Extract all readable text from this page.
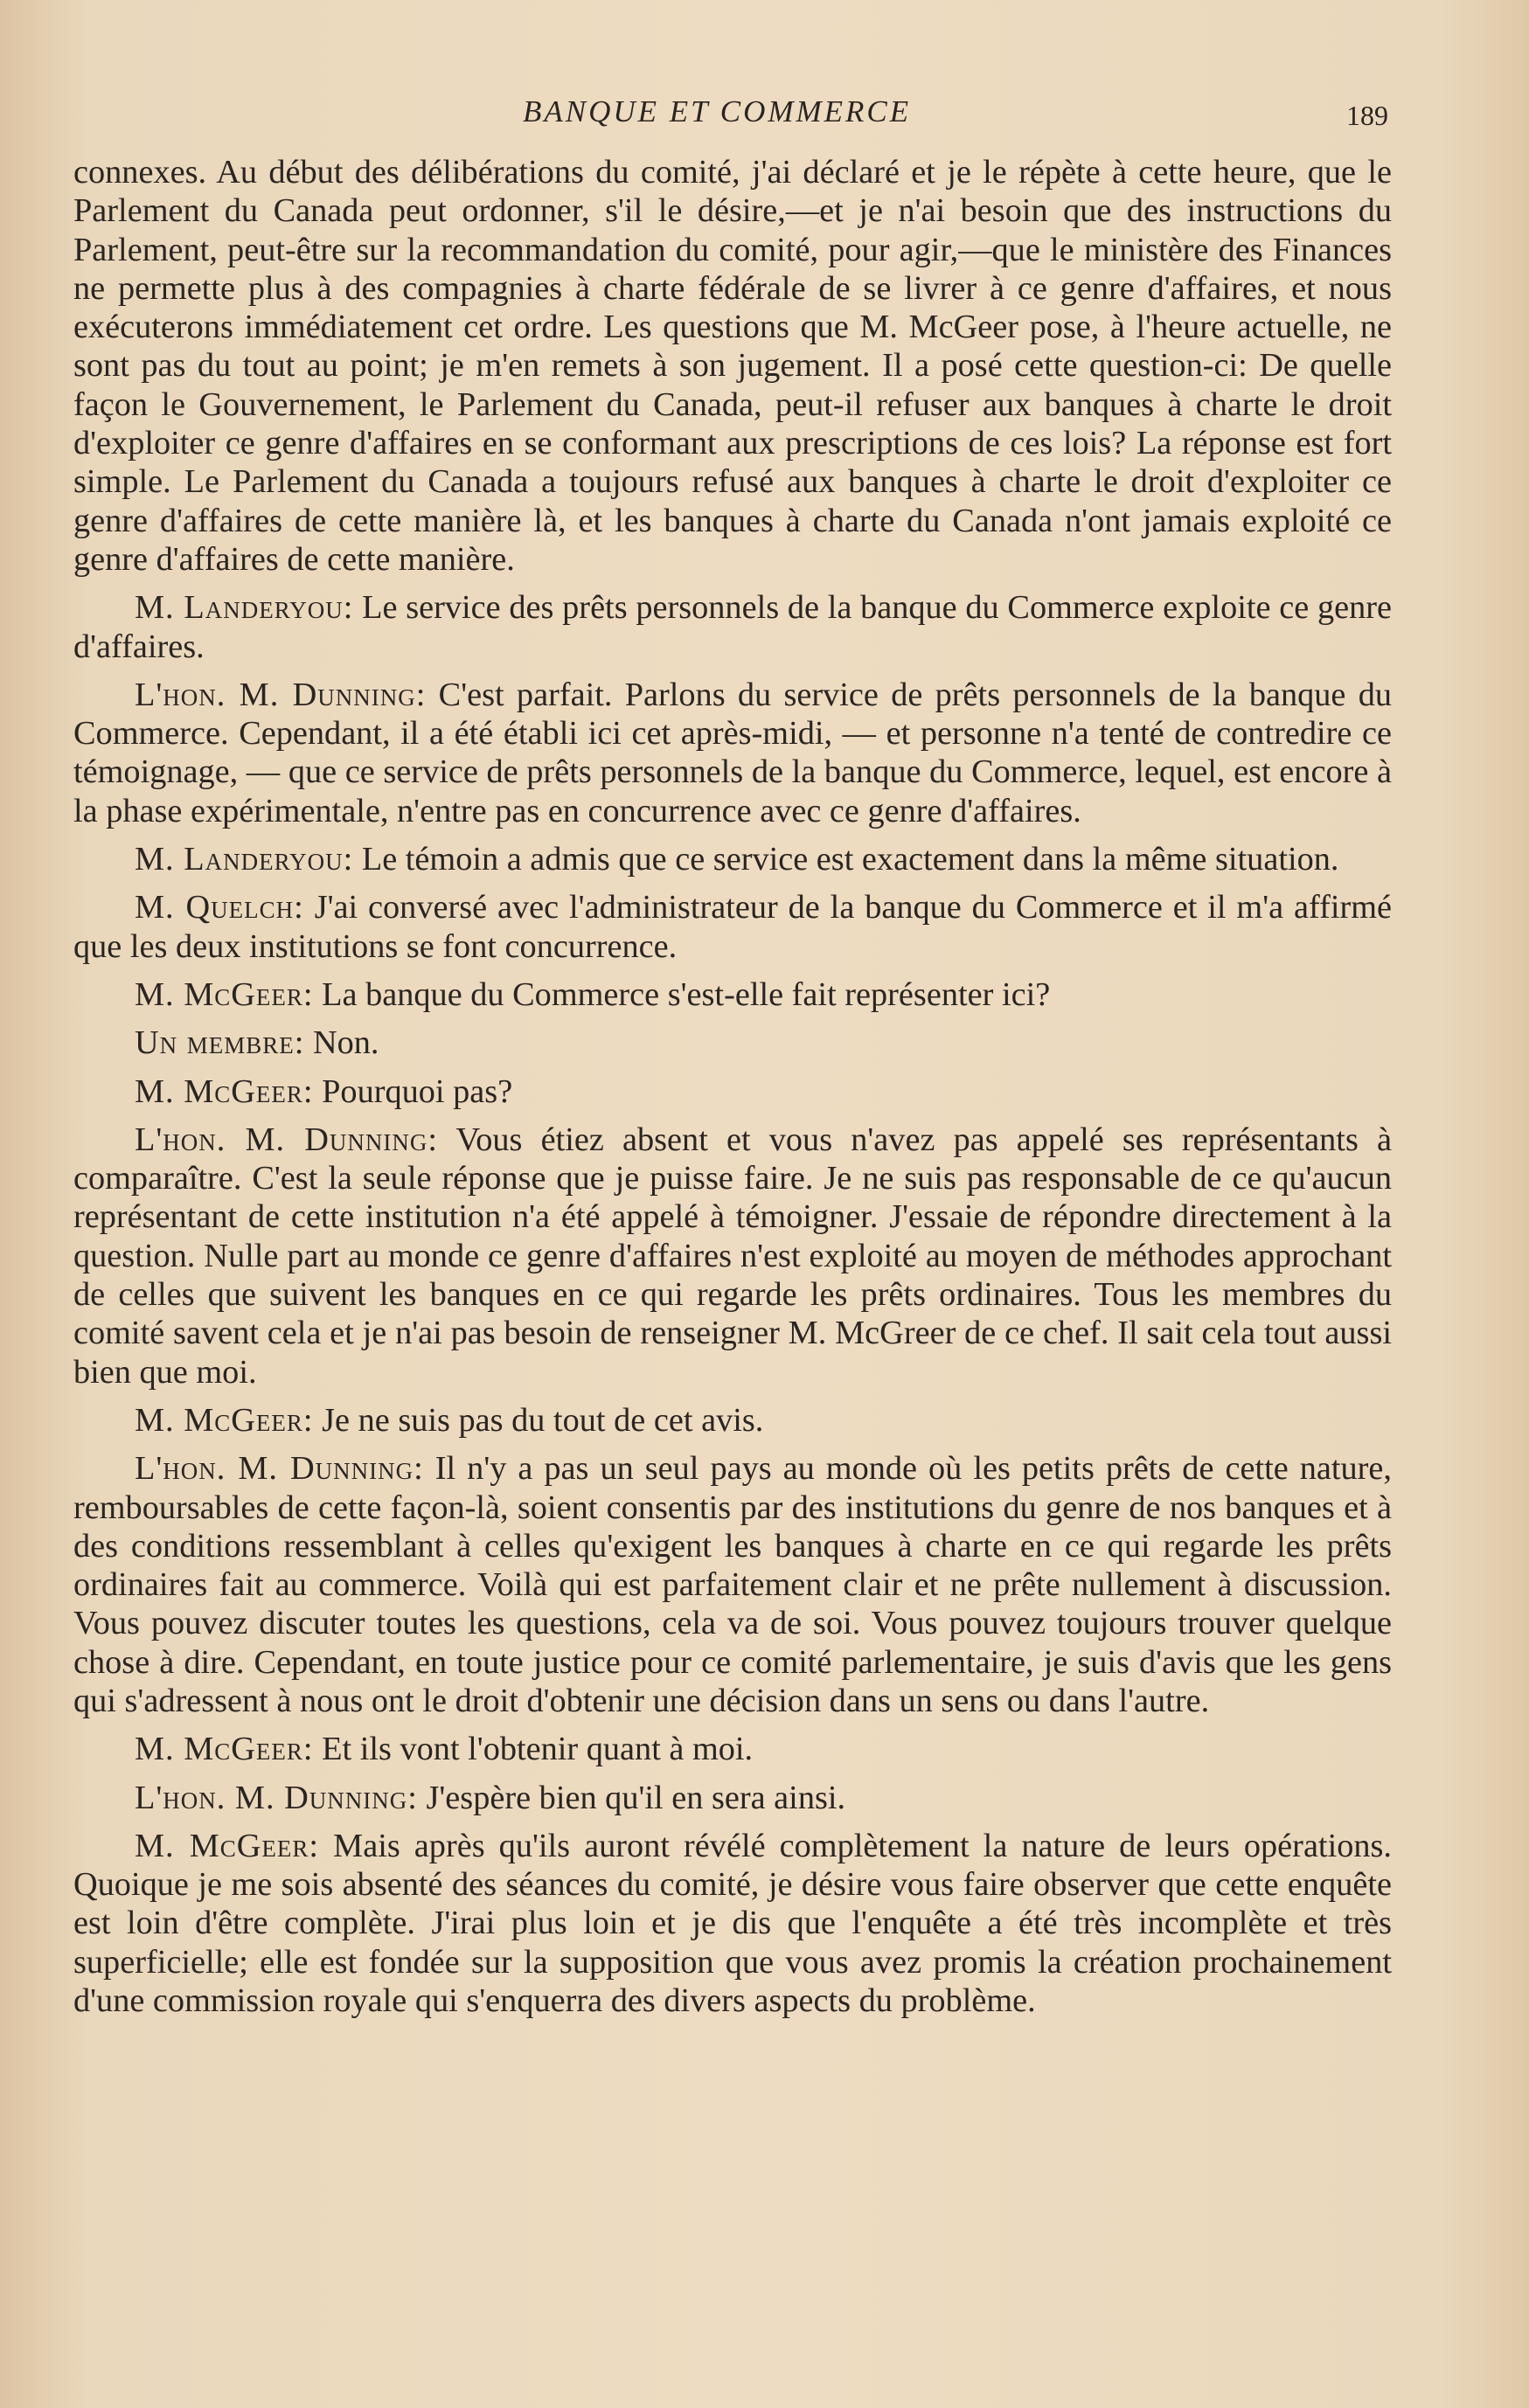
BANQUE ET COMMERCE	189

connexes. Au début des délibérations du comité, j'ai déclaré et je le répète à cette heure, que le Parlement du Canada peut ordonner, s'il le désire,—et je n'ai besoin que des instructions du Parlement, peut-être sur la recommandation du comité, pour agir,—que le ministère des Finances ne permette plus à des compagnies à charte fédérale de se livrer à ce genre d'affaires, et nous exécuterons immédiatement cet ordre. Les questions que M. McGeer pose, à l'heure actuelle, ne sont pas du tout au point; je m'en remets à son jugement. Il a posé cette question-ci: De quelle façon le Gouvernement, le Parlement du Canada, peut-il refuser aux banques à charte le droit d'exploiter ce genre d'affaires en se conformant aux prescriptions de ces lois? La réponse est fort simple. Le Parlement du Canada a toujours refusé aux banques à charte le droit d'exploiter ce genre d'affaires de cette manière là, et les banques à charte du Canada n'ont jamais exploité ce genre d'affaires de cette manière.

M. Landeryou: Le service des prêts personnels de la banque du Commerce exploite ce genre d'affaires.

L'hon. M. Dunning: C'est parfait. Parlons du service de prêts personnels de la banque du Commerce. Cependant, il a été établi ici cet après-midi, — et personne n'a tenté de contredire ce témoignage, — que ce service de prêts personnels de la banque du Commerce, lequel, est encore à la phase expérimentale, n'entre pas en concurrence avec ce genre d'affaires.

M. Landeryou: Le témoin a admis que ce service est exactement dans la même situation.

M. Quelch: J'ai conversé avec l'administrateur de la banque du Commerce et il m'a affirmé que les deux institutions se font concurrence.

M. McGeer: La banque du Commerce s'est-elle fait représenter ici?

Un membre: Non.

M. McGeer: Pourquoi pas?

L'hon. M. Dunning: Vous étiez absent et vous n'avez pas appelé ses représentants à comparaître. C'est la seule réponse que je puisse faire. Je ne suis pas responsable de ce qu'aucun représentant de cette institution n'a été appelé à témoigner. J'essaie de répondre directement à la question. Nulle part au monde ce genre d'affaires n'est exploité au moyen de méthodes approchant de celles que suivent les banques en ce qui regarde les prêts ordinaires. Tous les membres du comité savent cela et je n'ai pas besoin de renseigner M. McGreer de ce chef. Il sait cela tout aussi bien que moi.

M. McGeer: Je ne suis pas du tout de cet avis.

L'hon. M. Dunning: Il n'y a pas un seul pays au monde où les petits prêts de cette nature, remboursables de cette façon-là, soient consentis par des institutions du genre de nos banques et à des conditions ressemblant à celles qu'exigent les banques à charte en ce qui regarde les prêts ordinaires fait au commerce. Voilà qui est parfaitement clair et ne prête nullement à discussion. Vous pouvez discuter toutes les questions, cela va de soi. Vous pouvez toujours trouver quelque chose à dire. Cependant, en toute justice pour ce comité parlementaire, je suis d'avis que les gens qui s'adressent à nous ont le droit d'obtenir une décision dans un sens ou dans l'autre.

M. McGeer: Et ils vont l'obtenir quant à moi.

L'hon. M. Dunning: J'espère bien qu'il en sera ainsi.

M. McGeer: Mais après qu'ils auront révélé complètement la nature de leurs opérations. Quoique je me sois absenté des séances du comité, je désire vous faire observer que cette enquête est loin d'être complète. J'irai plus loin et je dis que l'enquête a été très incomplète et très superficielle; elle est fondée sur la supposition que vous avez promis la création prochainement d'une commission royale qui s'enquerra des divers aspects du problème.
